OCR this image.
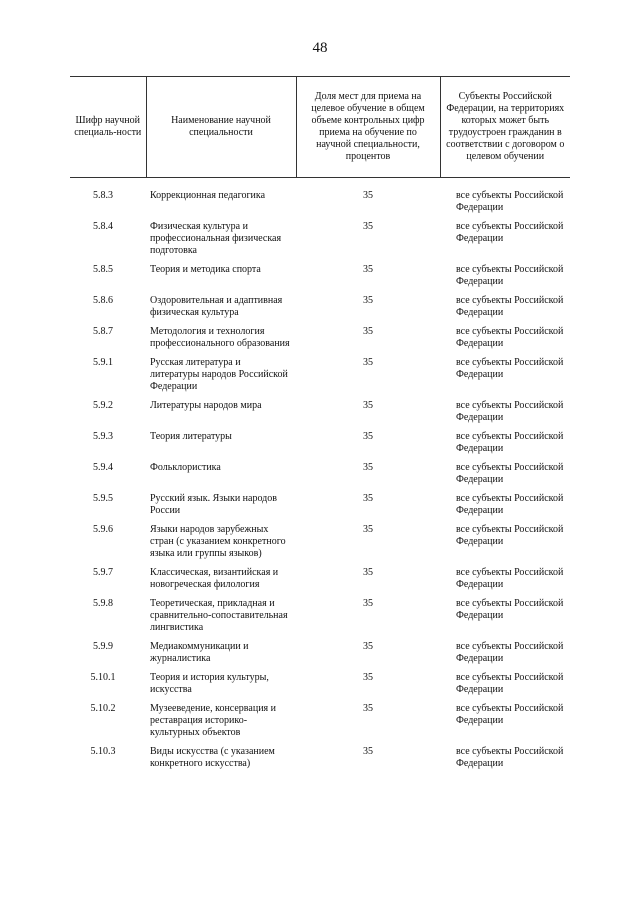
48
Шифр научной специаль-ности	Наименование научной специальности	Доля мест для приема на целевое обучение в общем объеме контрольных цифр приема на обучение по научной специальности, процентов	Субъекты Российской Федерации, на территориях которых может быть трудоустроен гражданин в соответствии с договором о целевом обучении
5.8.3	Коррекционная педагогика	35	все субъекты Российской Федерации
5.8.4	Физическая культура и профессиональная физическая подготовка	35	все субъекты Российской Федерации
5.8.5	Теория и методика спорта	35	все субъекты Российской Федерации
5.8.6	Оздоровительная и адаптивная физическая культура	35	все субъекты Российской Федерации
5.8.7	Методология и технология профессионального образования	35	все субъекты Российской Федерации
5.9.1	Русская литература и литературы народов Российской Федерации	35	все субъекты Российской Федерации
5.9.2	Литературы народов мира	35	все субъекты Российской Федерации
5.9.3	Теория литературы	35	все субъекты Российской Федерации
5.9.4	Фольклористика	35	все субъекты Российской Федерации
5.9.5	Русский язык. Языки народов России	35	все субъекты Российской Федерации
5.9.6	Языки народов зарубежных стран (с указанием конкретного языка или группы языков)	35	все субъекты Российской Федерации
5.9.7	Классическая, византийская и новогреческая филология	35	все субъекты Российской Федерации
5.9.8	Теоретическая, прикладная и сравнительно-сопоставительная лингвистика	35	все субъекты Российской Федерации
5.9.9	Медиакоммуникации и журналистика	35	все субъекты Российской Федерации
5.10.1	Теория и история культуры, искусства	35	все субъекты Российской Федерации
5.10.2	Музееведение, консервация и реставрация историко-культурных объектов	35	все субъекты Российской Федерации
5.10.3	Виды искусства (с указанием конкретного искусства)	35	все субъекты Российской Федерации
